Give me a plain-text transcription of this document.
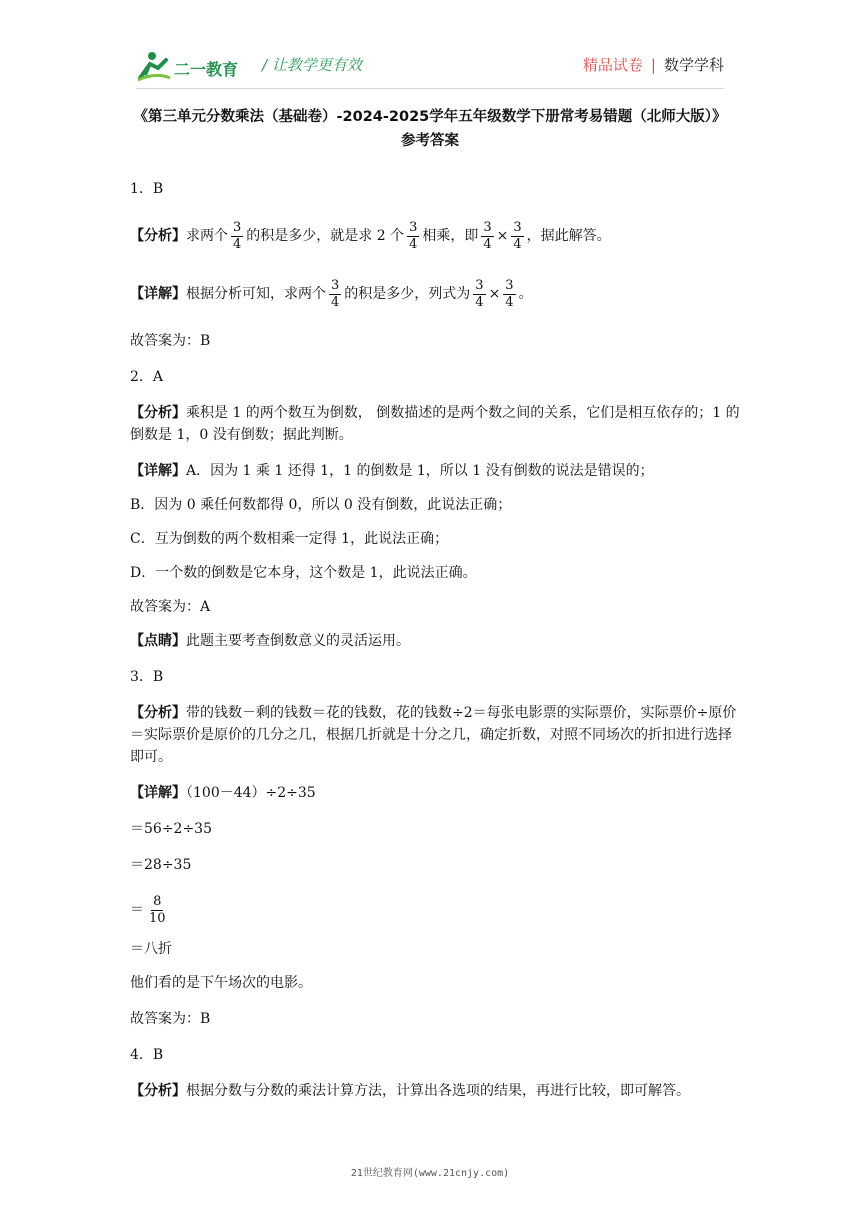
二一教育 / 让教学更有效	精品试卷 | 数学学科
《第三单元分数乘法（基础卷）-2024-2025学年五年级数学下册常考易错题（北师大版）》
参考答案
1．B
【分析】 求两个 $\frac{3}{4}$ 的积是多少，就是求 2 个 $\frac{3}{4}$ 相乘，即 $\frac{3}{4} \times \frac{3}{4}$ ，据此解答。
【详解】 根据分析可知，求两个 $\frac{3}{4}$ 的积是多少，列式为 $\frac{3}{4} \times \frac{3}{4}$ 。
故答案为：B
2．A
【分析】乘积是 1 的两个数互为倒数， 倒数描述的是两个数之间的关系，它们是相互依存的；1 的倒数是 1，0 没有倒数；据此判断。
【详解】A．因为 1 乘 1 还得 1，1 的倒数是 1，所以 1 没有倒数的说法是错误的；
B．因为 0 乘任何数都得 0，所以 0 没有倒数，此说法正确；
C．互为倒数的两个数相乘一定得 1，此说法正确；
D．一个数的倒数是它本身，这个数是 1，此说法正确。
故答案为：A
【点睛】此题主要考查倒数意义的灵活运用。
3．B
【分析】带的钱数－剩的钱数＝花的钱数，花的钱数÷2＝每张电影票的实际票价，实际票价÷原价＝实际票价是原价的几分之几，根据几折就是十分之几，确定折数，对照不同场次的折扣进行选择即可。
【详解】（100－44）÷2÷35
＝56÷2÷35
＝28÷35
＝ $\frac{8}{10}$
＝八折
他们看的是下午场次的电影。
故答案为：B
4．B
【分析】根据分数与分数的乘法计算方法，计算出各选项的结果，再进行比较，即可解答。
21世纪教育网(www.21cnjy.com)
